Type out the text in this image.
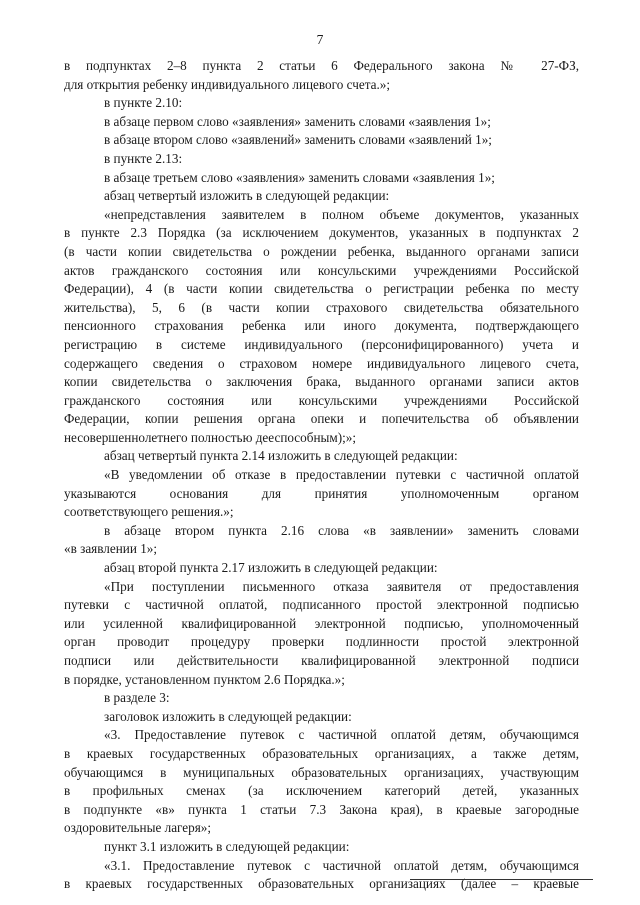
7
в подпунктах 2–8 пункта 2 статьи 6 Федерального закона № 27-ФЗ,
для открытия ребенку индивидуального лицевого счета.»;
в пункте 2.10:
в абзаце первом слово «заявления» заменить словами «заявления 1»;
в абзаце втором слово «заявлений» заменить словами «заявлений 1»;
в пункте 2.13:
в абзаце третьем слово «заявления» заменить словами «заявления 1»;
абзац четвертый изложить в следующей редакции:
«непредставления заявителем в полном объеме документов, указанных
в пункте 2.3 Порядка (за исключением документов, указанных в подпунктах 2
(в части копии свидетельства о рождении ребенка, выданного органами записи
актов гражданского состояния или консульскими учреждениями Российской
Федерации), 4 (в части копии свидетельства о регистрации ребенка по месту
жительства), 5, 6 (в части копии страхового свидетельства обязательного
пенсионного страхования ребенка или иного документа, подтверждающего
регистрацию в системе индивидуального (персонифицированного) учета и
содержащего сведения о страховом номере индивидуального лицевого счета,
копии свидетельства о заключения брака, выданного органами записи актов
гражданского состояния или консульскими учреждениями Российской
Федерации, копии решения органа опеки и попечительства об объявлении
несовершеннолетнего полностью дееспособным);»;
абзац четвертый пункта 2.14 изложить в следующей редакции:
«В уведомлении об отказе в предоставлении путевки с частичной оплатой
указываются основания для принятия уполномоченным органом
соответствующего решения.»;
в абзаце втором пункта 2.16 слова «в заявлении» заменить словами
«в заявлении 1»;
абзац второй пункта 2.17 изложить в следующей редакции:
«При поступлении письменного отказа заявителя от предоставления
путевки с частичной оплатой, подписанного простой электронной подписью
или усиленной квалифицированной электронной подписью, уполномоченный
орган проводит процедуру проверки подлинности простой электронной
подписи или действительности квалифицированной электронной подписи
в порядке, установленном пунктом 2.6 Порядка.»;
в разделе 3:
заголовок изложить в следующей редакции:
«3. Предоставление путевок с частичной оплатой детям, обучающимся
в краевых государственных образовательных организациях, а также детям,
обучающимся в муниципальных образовательных организациях, участвующим
в профильных сменах (за исключением категорий детей, указанных
в подпункте «в» пункта 1 статьи 7.3 Закона края), в краевые загородные
оздоровительные лагеря»;
пункт 3.1 изложить в следующей редакции:
«3.1. Предоставление путевок с частичной оплатой детям, обучающимся
в краевых государственных образовательных организациях (далее – краевые
